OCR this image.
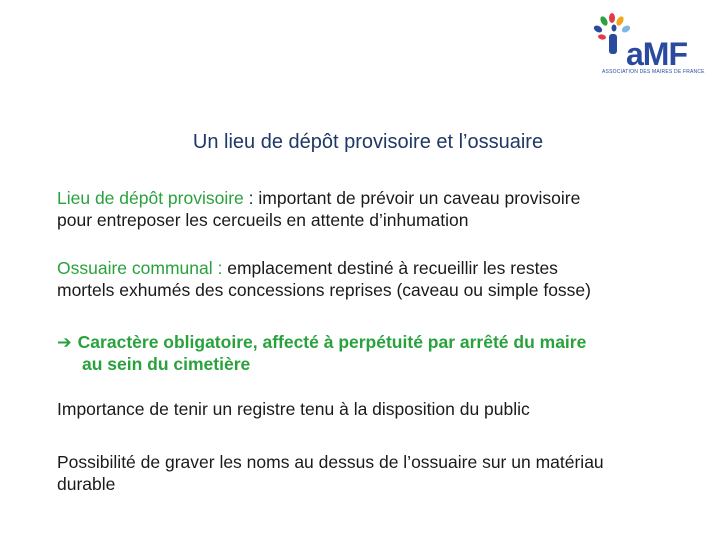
aMF
ASSOCIATION DES MAIRES DE FRANCE
Un lieu de dépôt provisoire et l’ossuaire
Lieu de dépôt provisoire : important de prévoir un caveau provisoire
pour entreposer les cercueils en attente d’inhumation
Ossuaire communal : emplacement destiné à recueillir les restes
mortels exhumés des concessions reprises (caveau ou simple fosse)
➔ Caractère obligatoire, affecté à perpétuité par arrêté du maire
au sein du cimetière
Importance de tenir un registre tenu à la disposition du public
Possibilité de graver les noms au dessus de l’ossuaire sur un matériau
durable
